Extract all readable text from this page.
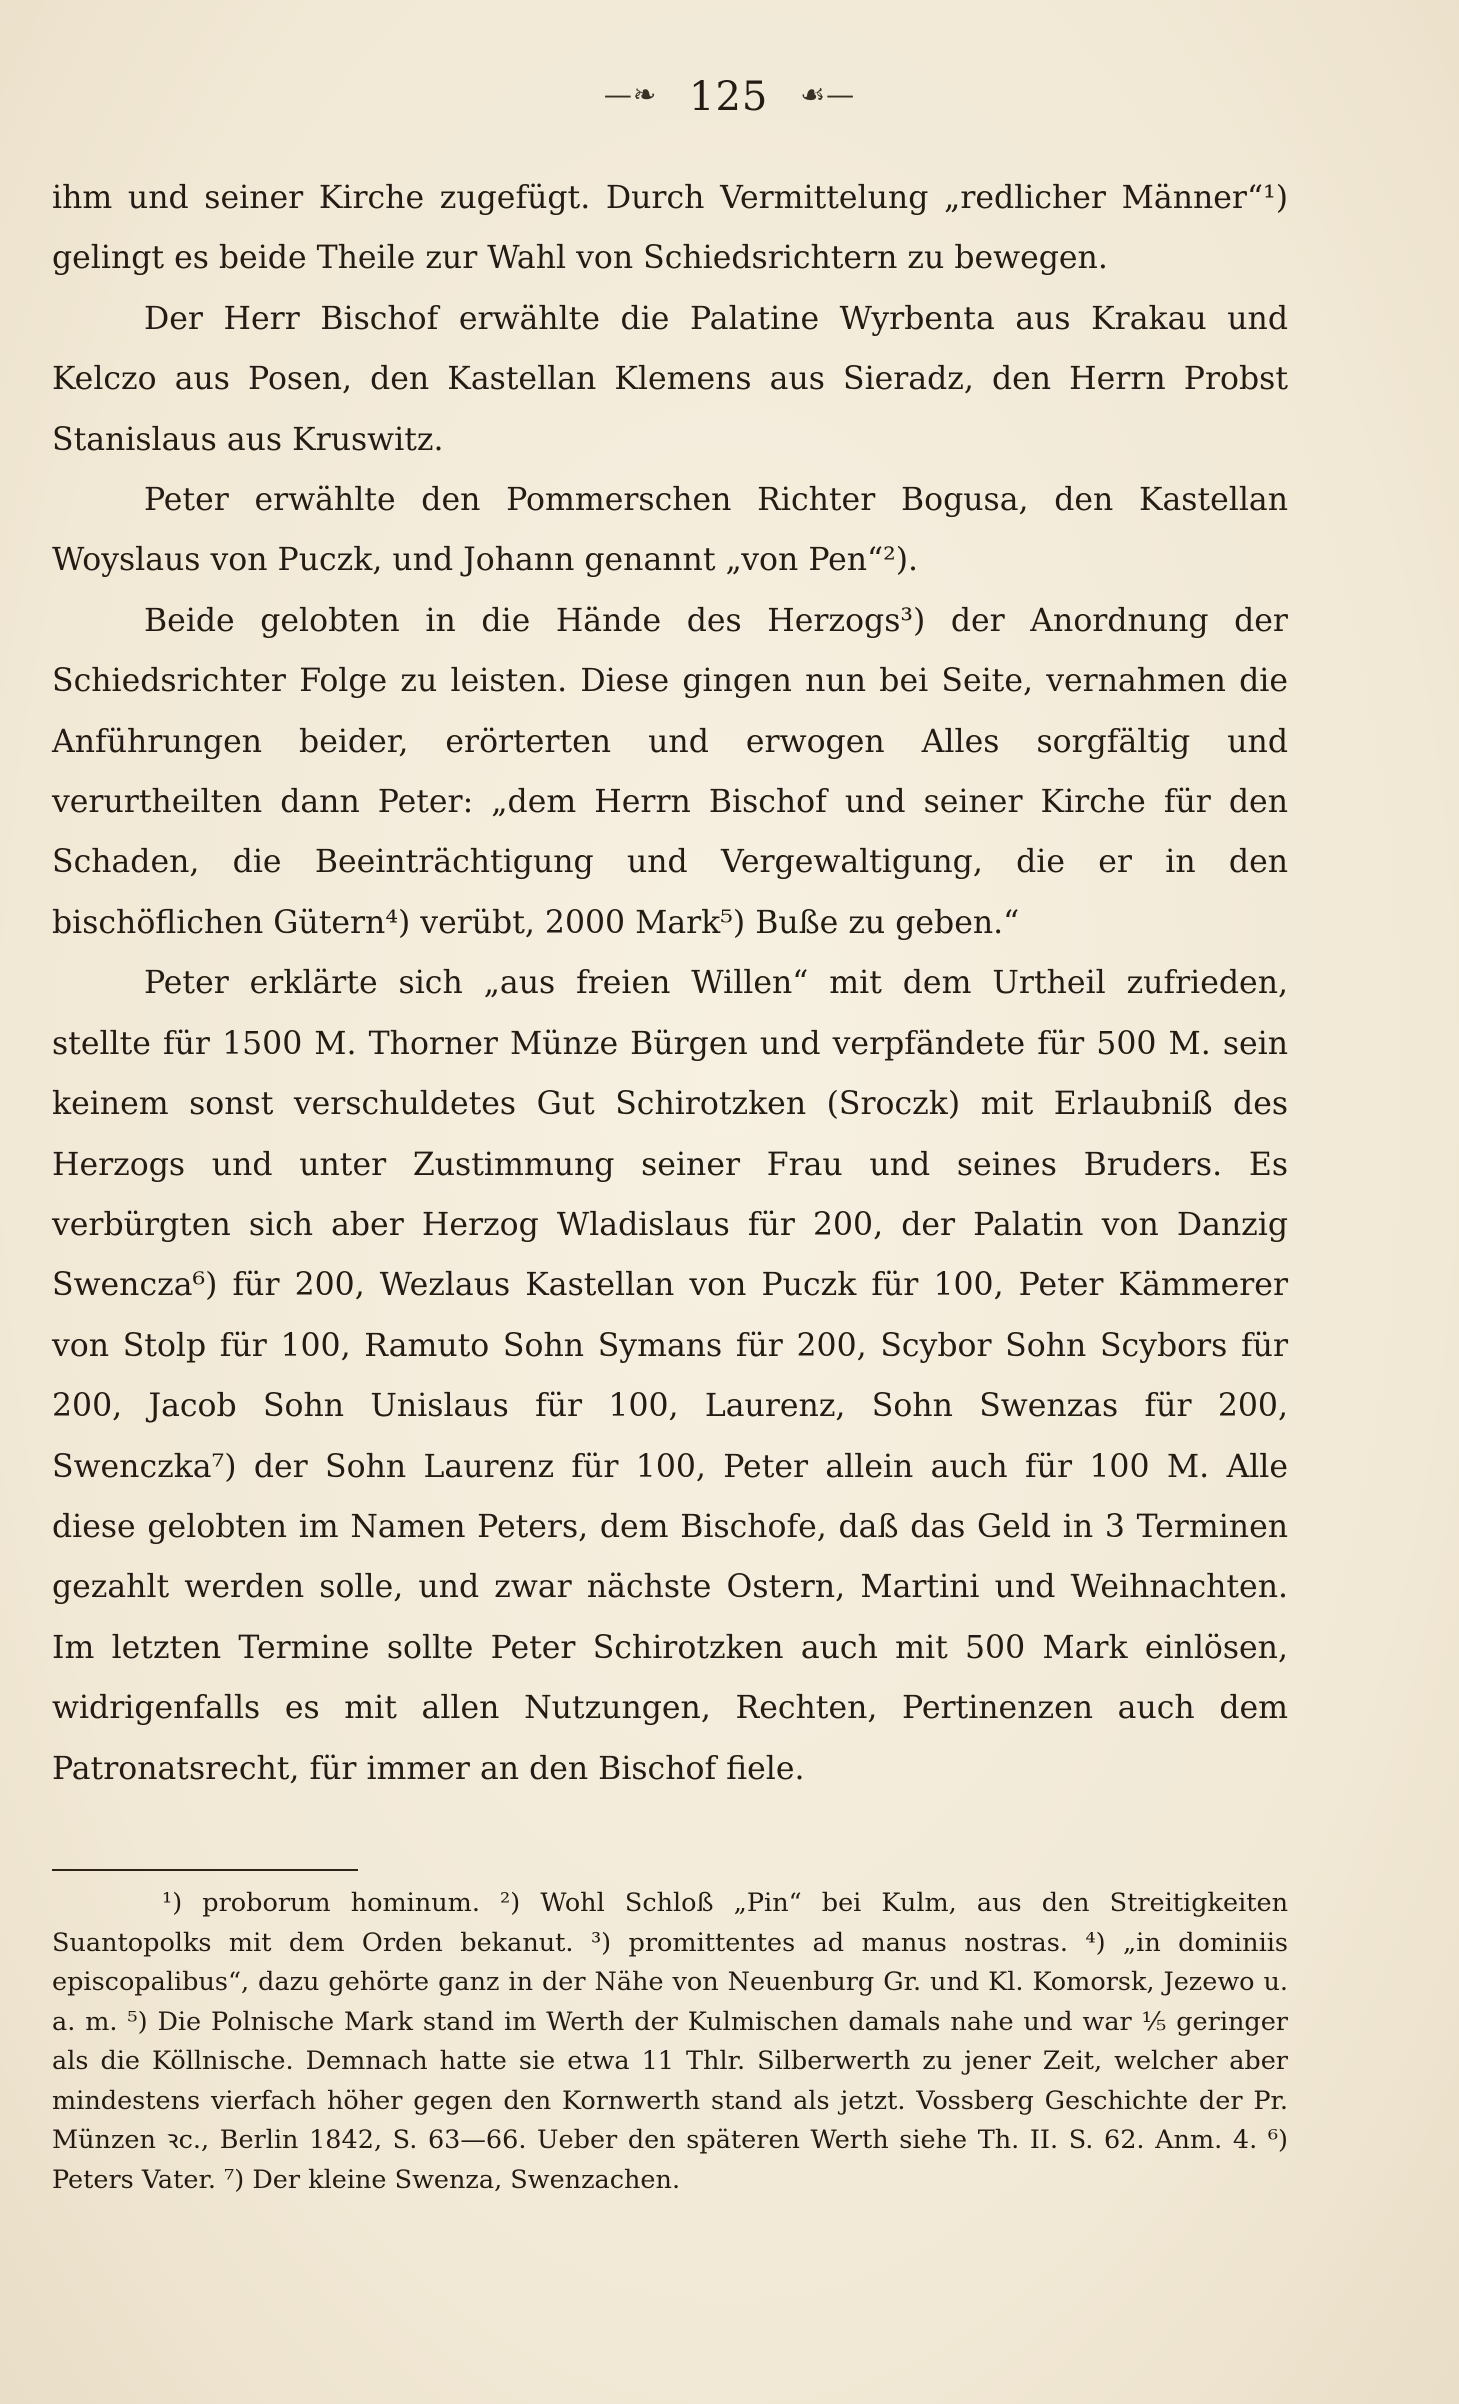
—❧ 125 ☙—

ihm und seiner Kirche zugefügt. Durch Vermittelung „redlicher Männer“¹) gelingt es beide Theile zur Wahl von Schiedsrichtern zu bewegen.

Der Herr Bischof erwählte die Palatine Wyrbenta aus Krakau und Kelczo aus Posen, den Kastellan Klemens aus Sieradz, den Herrn Probst Stanislaus aus Kruswitz.

Peter erwählte den Pommerschen Richter Bogusa, den Kastellan Woyslaus von Puczk, und Johann genannt „von Pen“²).

Beide gelobten in die Hände des Herzogs³) der Anordnung der Schiedsrichter Folge zu leisten. Diese gingen nun bei Seite, vernahmen die Anführungen beider, erörterten und erwogen Alles sorgfältig und verurtheilten dann Peter: „dem Herrn Bischof und seiner Kirche für den Schaden, die Beeinträchtigung und Vergewaltigung, die er in den bischöflichen Gütern⁴) verübt, 2000 Mark⁵) Buße zu geben.“

Peter erklärte sich „aus freien Willen“ mit dem Urtheil zufrieden, stellte für 1500 M. Thorner Münze Bürgen und verpfändete für 500 M. sein keinem sonst verschuldetes Gut Schirotzken (Sroczk) mit Erlaubniß des Herzogs und unter Zustimmung seiner Frau und seines Bruders. Es verbürgten sich aber Herzog Wladislaus für 200, der Palatin von Danzig Swencza⁶) für 200, Wezlaus Kastellan von Puczk für 100, Peter Kämmerer von Stolp für 100, Ramuto Sohn Symans für 200, Scybor Sohn Scybors für 200, Jacob Sohn Unislaus für 100, Laurenz, Sohn Swenzas für 200, Swenczka⁷) der Sohn Laurenz für 100, Peter allein auch für 100 M. Alle diese gelobten im Namen Peters, dem Bischofe, daß das Geld in 3 Terminen gezahlt werden solle, und zwar nächste Ostern, Martini und Weihnachten. Im letzten Termine sollte Peter Schirotzken auch mit 500 Mark einlösen, widrigenfalls es mit allen Nutzungen, Rechten, Pertinenzen auch dem Patronatsrecht, für immer an den Bischof fiele.

¹) proborum hominum. ²) Wohl Schloß „Pin“ bei Kulm, aus den Streitigkeiten Suantopolks mit dem Orden bekanut. ³) promittentes ad manus nostras. ⁴) „in dominiis episcopalibus“, dazu gehörte ganz in der Nähe von Neuenburg Gr. und Kl. Komorsk, Jezewo u. a. m. ⁵) Die Polnische Mark stand im Werth der Kulmischen damals nahe und war ⅕ geringer als die Köllnische. Demnach hatte sie etwa 11 Thlr. Silberwerth zu jener Zeit, welcher aber mindestens vierfach höher gegen den Kornwerth stand als jetzt. Vossberg Geschichte der Pr. Münzen ꝛc., Berlin 1842, S. 63—66. Ueber den späteren Werth siehe Th. II. S. 62. Anm. 4. ⁶) Peters Vater. ⁷) Der kleine Swenza, Swenzachen.
